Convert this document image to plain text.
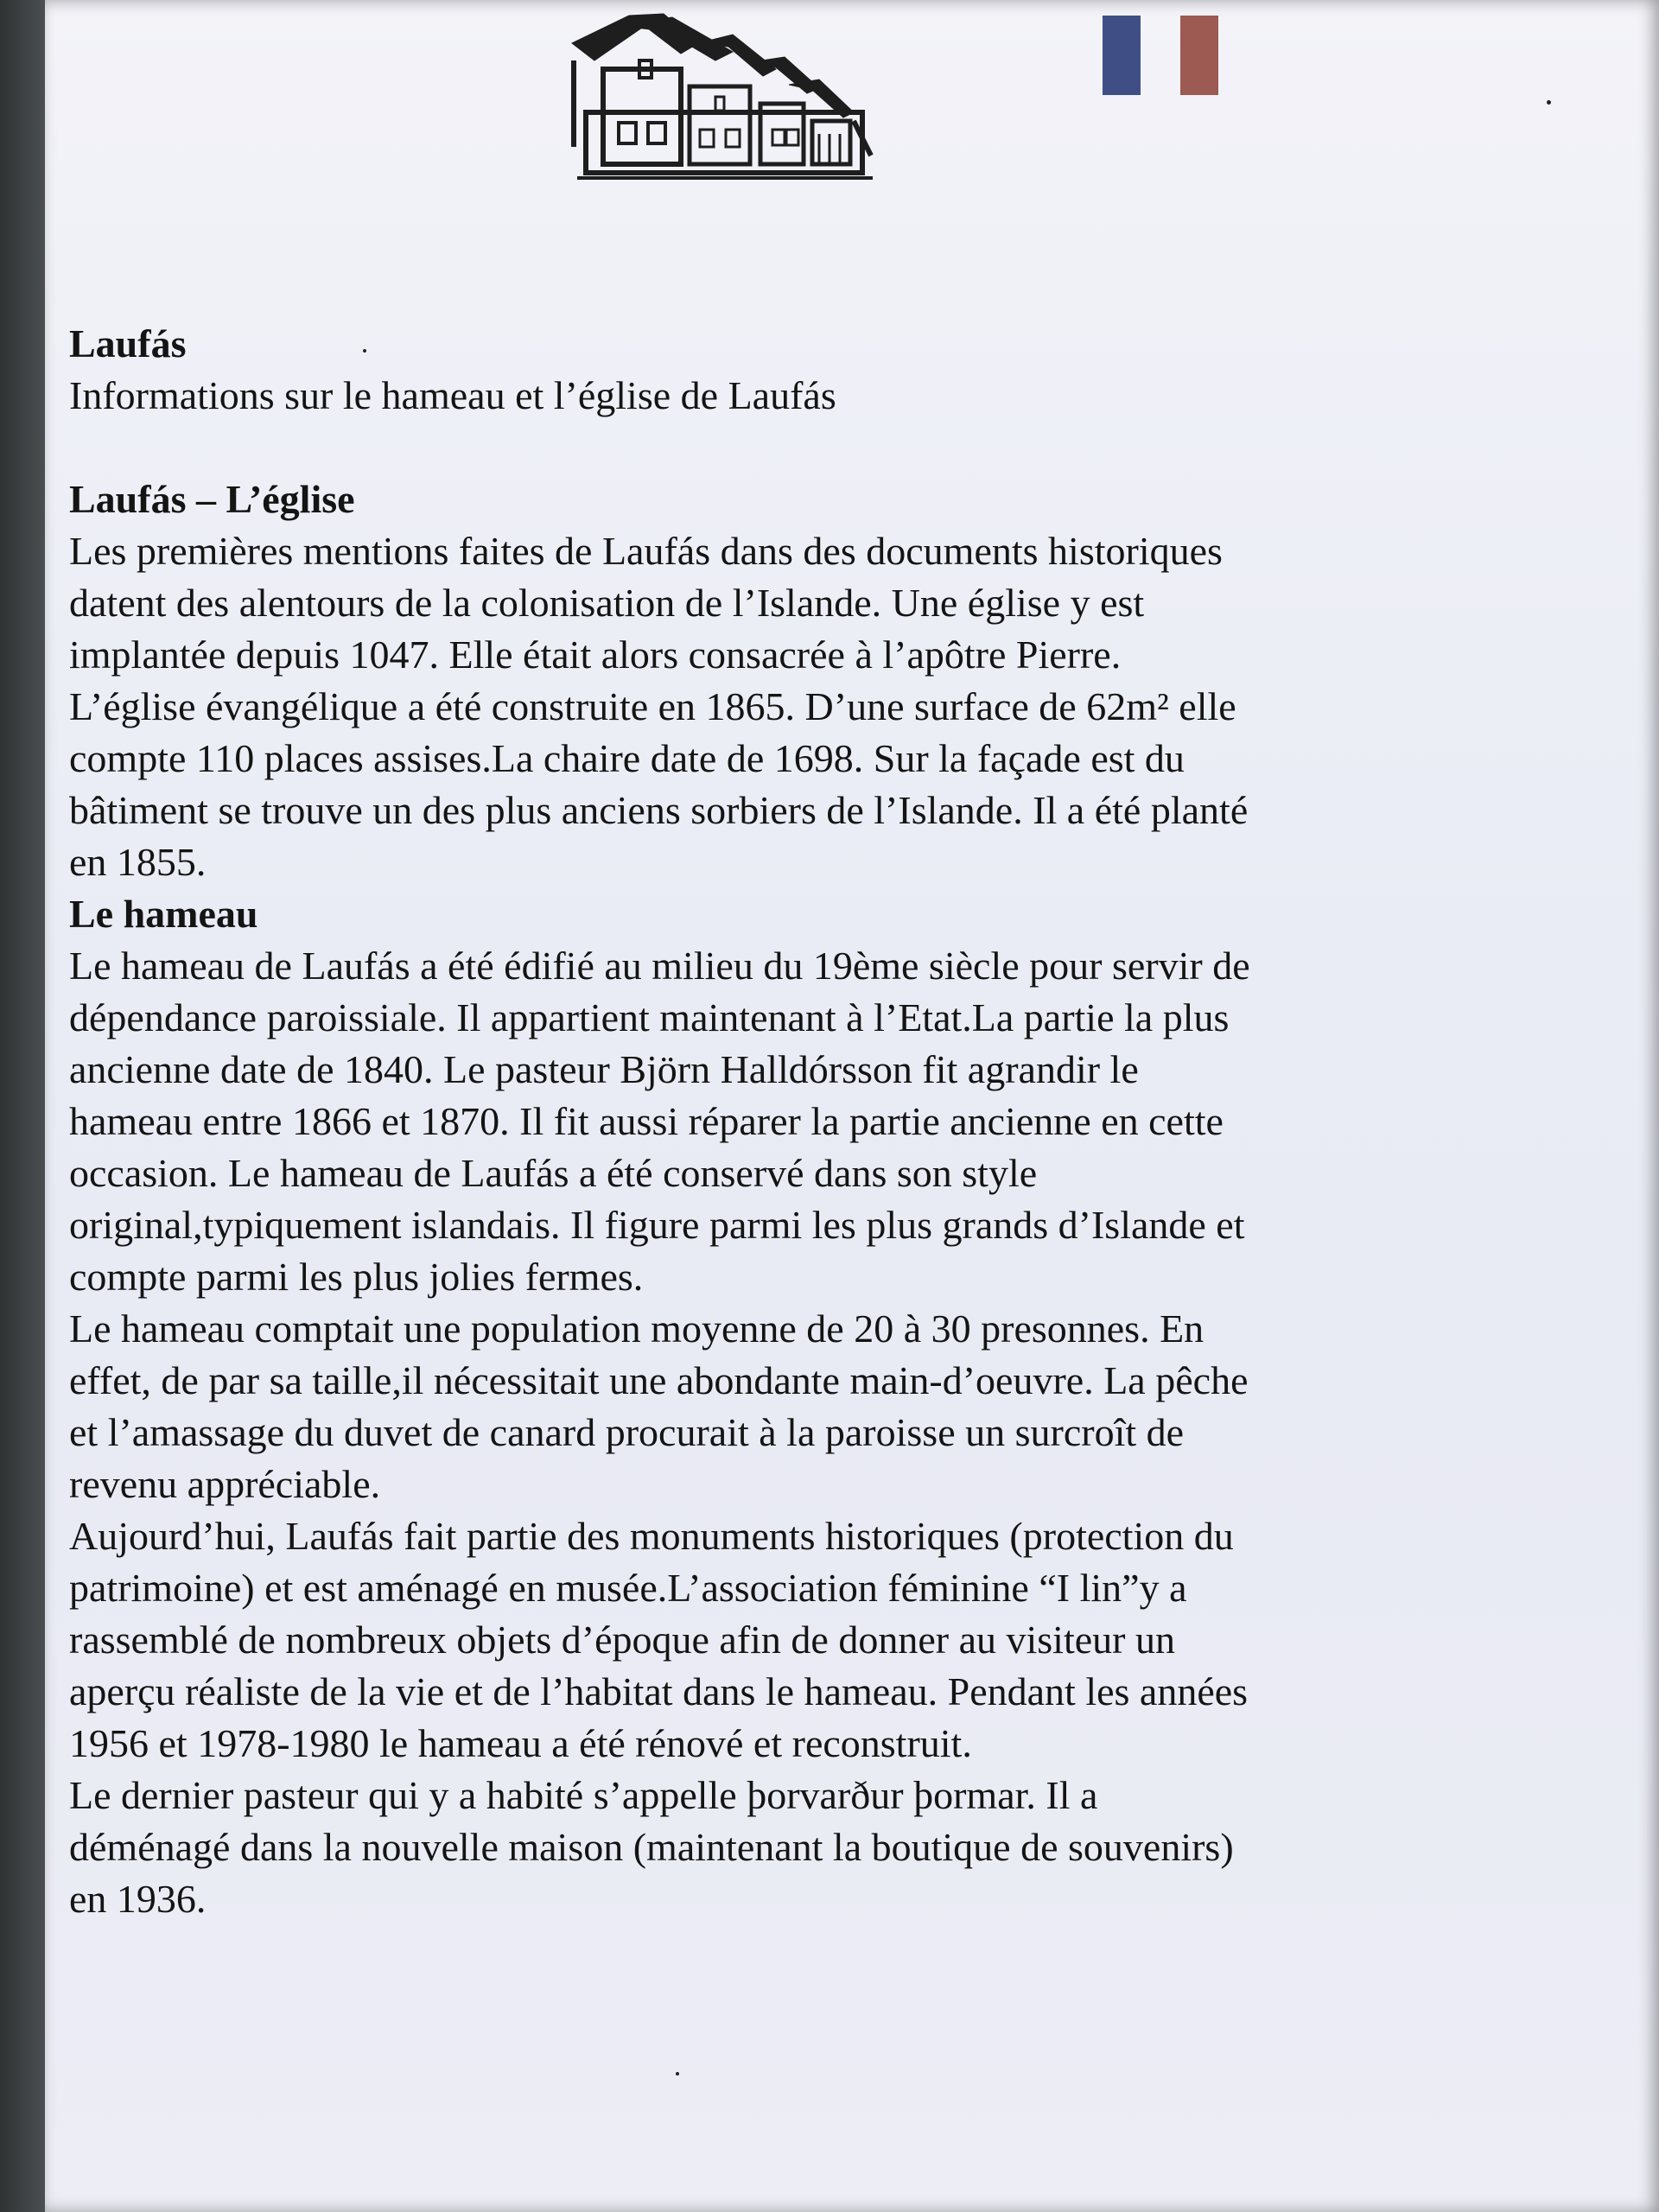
Laufás
Informations sur le hameau et l’église de Laufás
Laufás – L’église

Les premières mentions faites de Laufás dans des documents historiques
datent des alentours de la colonisation de l’Islande. Une église y est
implantée depuis 1047. Elle était alors consacrée à l’apôtre Pierre.
L’église évangélique a été construite en 1865. D’une surface de 62m² elle
compte 110 places assises.La chaire date de 1698. Sur la façade est du
bâtiment se trouve un des plus anciens sorbiers de l’Islande. Il a été planté
en 1855.

Le hameau

Le hameau de Laufás a été édifié au milieu du 19ème siècle pour servir de
dépendance paroissiale. Il appartient maintenant à l’Etat.La partie la plus
ancienne date de 1840. Le pasteur Björn Halldórsson fit agrandir le
hameau entre 1866 et 1870. Il fit aussi réparer la partie ancienne en cette
occasion. Le hameau de Laufás a été conservé dans son style
original,typiquement islandais. Il figure parmi les plus grands d’Islande et
compte parmi les plus jolies fermes.
Le hameau comptait une population moyenne de 20 à 30 presonnes. En
effet, de par sa taille,il nécessitait une abondante main-d’oeuvre. La pêche
et l’amassage du duvet de canard procurait à la paroisse un surcroît de
revenu appréciable.
Aujourd’hui, Laufás fait partie des monuments historiques (protection du
patrimoine) et est aménagé en musée.L’association féminine “I lin”y a
rassemblé de nombreux objets d’époque afin de donner au visiteur un
aperçu réaliste de la vie et de l’habitat dans le hameau. Pendant les années
1956 et 1978-1980 le hameau a été rénové et reconstruit.
Le dernier pasteur qui y a habité s’appelle þorvarður þormar. Il a
déménagé dans la nouvelle maison (maintenant la boutique de souvenirs)
en 1936.
